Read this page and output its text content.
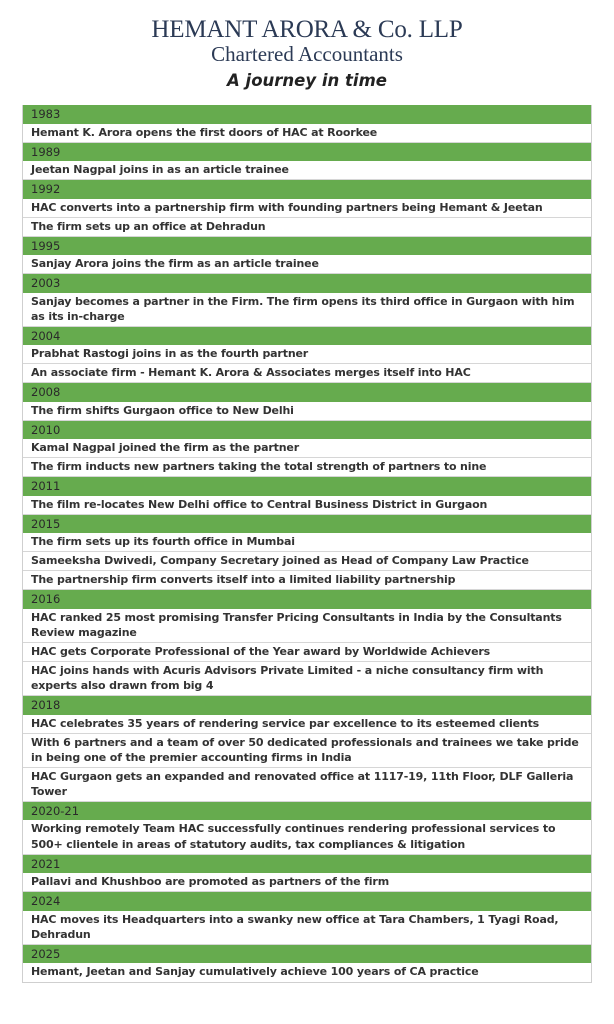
HEMANT ARORA & Co. LLP
Chartered Accountants
A journey in time
1983
Hemant K. Arora opens the first doors of HAC at Roorkee
1989
Jeetan Nagpal joins in as an article trainee
1992
HAC converts into a partnership firm with founding partners being Hemant & Jeetan
The firm sets up an office at Dehradun
1995
Sanjay Arora joins the firm as an article trainee
2003
Sanjay becomes a partner in the Firm. The firm opens its third office in Gurgaon with him as its in-charge
2004
Prabhat Rastogi joins in as the fourth partner
An associate firm - Hemant K. Arora & Associates merges itself into HAC
2008
The firm shifts Gurgaon office to New Delhi
2010
Kamal Nagpal joined the firm as the partner
The firm inducts new partners taking the total strength of partners to nine
2011
The film re-locates New Delhi office to Central Business District in Gurgaon
2015
The firm sets up its fourth office in Mumbai
Sameeksha Dwivedi, Company Secretary joined as Head of Company Law Practice
The partnership firm converts itself into a limited liability partnership
2016
HAC ranked 25 most promising Transfer Pricing Consultants in India by the Consultants Review magazine
HAC gets Corporate Professional of the Year award by Worldwide Achievers
HAC joins hands with Acuris Advisors Private Limited - a niche consultancy firm with experts also drawn from big 4
2018
HAC celebrates 35 years of rendering service par excellence to its esteemed clients
With 6 partners and a team of over 50 dedicated professionals and trainees we take pride in being one of the premier accounting firms in India
HAC Gurgaon gets an expanded and renovated office at 1117-19, 11th Floor, DLF Galleria Tower
2020-21
Working remotely Team HAC successfully continues rendering professional services to 500+ clientele in areas of statutory audits, tax compliances & litigation
2021
Pallavi and Khushboo are promoted as partners of the firm
2024
HAC moves its Headquarters into a swanky new office at Tara Chambers, 1 Tyagi Road, Dehradun
2025
Hemant, Jeetan and Sanjay cumulatively achieve 100 years of CA practice
